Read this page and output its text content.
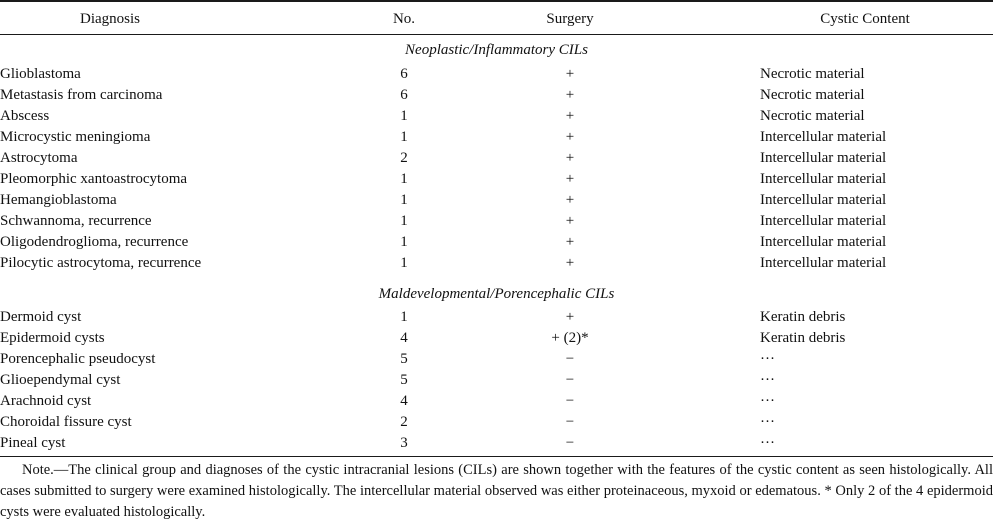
Diagnosis	No.	Surgery	Cystic Content
Neoplastic/Inflammatory CILs
Glioblastoma	6	+	Necrotic material
Metastasis from carcinoma	6	+	Necrotic material
Abscess	1	+	Necrotic material
Microcystic meningioma	1	+	Intercellular material
Astrocytoma	2	+	Intercellular material
Pleomorphic xantoastrocytoma	1	+	Intercellular material
Hemangioblastoma	1	+	Intercellular material
Schwannoma, recurrence	1	+	Intercellular material
Oligodendroglioma, recurrence	1	+	Intercellular material
Pilocytic astrocytoma, recurrence	1	+	Intercellular material
Maldevelopmental/Porencephalic CILs
Dermoid cyst	1	+	Keratin debris
Epidermoid cysts	4	+ (2)*	Keratin debris
Porencephalic pseudocyst	5	−	···
Glioependymal cyst	5	−	···
Arachnoid cyst	4	−	···
Choroidal fissure cyst	2	−	···
Pineal cyst	3	−	···
Note.—The clinical group and diagnoses of the cystic intracranial lesions (CILs) are shown together with the features of the cystic content as seen histologically. All cases submitted to surgery were examined histologically. The intercellular material observed was either proteinaceous, myxoid or edematous. * Only 2 of the 4 epidermoid cysts were evaluated histologically.
